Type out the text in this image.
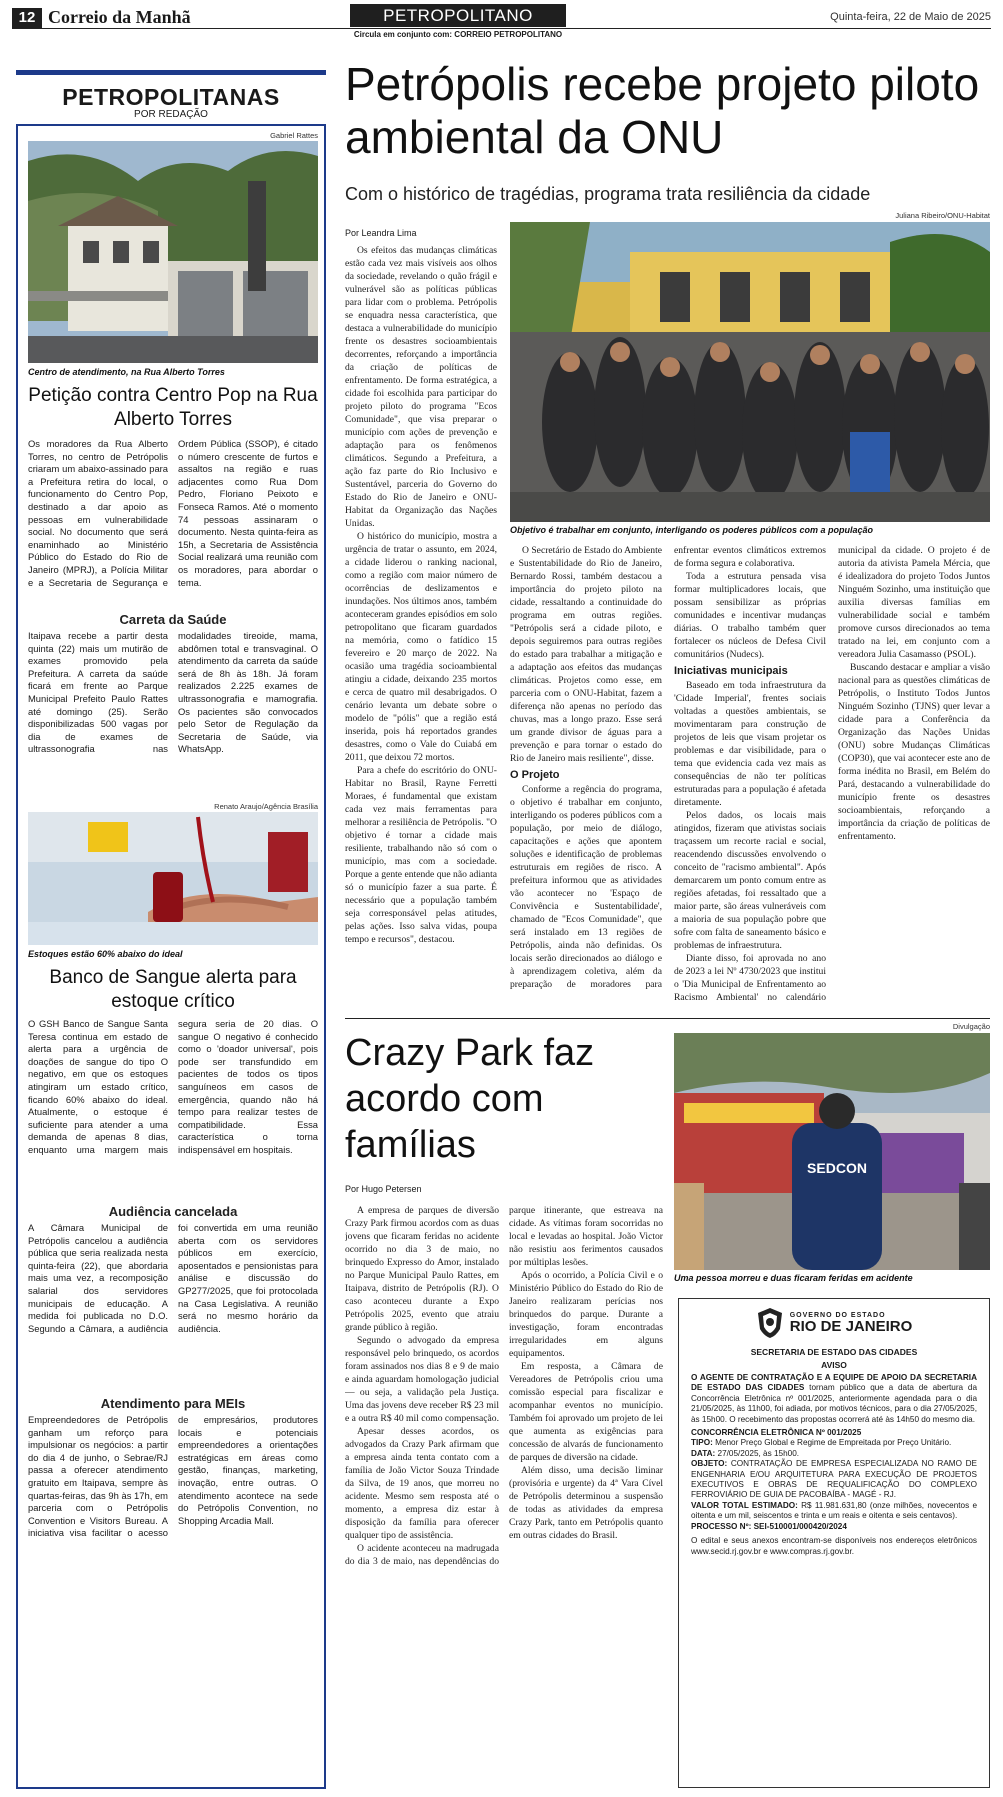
12 Correio da Manhã	PETROPOLITANO	Quinta-feira, 22 de Maio de 2025
Circula em conjunto com: CORREIO PETROPOLITANO
PETROPOLITANAS
POR REDAÇÃO
Gabriel Rattes
Centro de atendimento, na Rua Alberto Torres
Petição contra Centro Pop na Rua Alberto Torres

Os moradores da Rua Alberto Torres, no centro de Petrópolis criaram um abaixo-assinado para a Prefeitura retira do local, o funcionamento do Centro Pop, destinado a dar apoio as pessoas em vulnerabilidade social. No documento que será enaminhado ao Ministério Público do Estado do Rio de Janeiro (MPRJ), a Polícia Militar e a Secretaria de Segurança e Ordem Pública (SSOP), é citado o número crescente de furtos e assaltos na região e ruas adjacentes como Rua Dom Pedro, Floriano Peixoto e Fonseca Ramos. Até o momento 74 pessoas assinaram o documento. Nesta quinta-feira as 15h, a Secretaria de Assistência Social realizará uma reunião com os moradores, para abordar o tema.

Carreta da Saúde

Itaipava recebe a partir desta quinta (22) mais um mutirão de exames promovido pela Prefeitura. A carreta da saúde ficará em frente ao Parque Municipal Prefeito Paulo Rattes até domingo (25). Serão disponibilizadas 500 vagas por dia de exames de ultrassonografia nas modalidades tireoide, mama, abdômen total e transvaginal. O atendimento da carreta da saúde será de 8h às 18h. Já foram realizados 2.225 exames de ultrassonografia e mamografia. Os pacientes são convocados pelo Setor de Regulação da Secretaria de Saúde, via WhatsApp.

Renato Araujo/Agência Brasília
Estoques estão 60% abaixo do ideal
Banco de Sangue alerta para estoque crítico

O GSH Banco de Sangue Santa Teresa continua em estado de alerta para a urgência de doações de sangue do tipo O negativo, em que os estoques atingiram um estado crítico, ficando 60% abaixo do ideal. Atualmente, o estoque é suficiente para atender a uma demanda de apenas 8 dias, enquanto uma margem mais segura seria de 20 dias. O sangue O negativo é conhecido como o 'doador universal', pois pode ser transfundido em pacientes de todos os tipos sanguíneos em casos de emergência, quando não há tempo para realizar testes de compatibilidade. Essa característica o torna indispensável em hospitais.

Audiência cancelada

A Câmara Municipal de Petrópolis cancelou a audiência pública que seria realizada nesta quinta-feira (22), que abordaria mais uma vez, a recomposição salarial dos servidores municipais de educação. A medida foi publicada no D.O. Segundo a Câmara, a audiência foi convertida em uma reunião aberta com os servidores públicos em exercício, aposentados e pensionistas para análise e discussão do GP277/2025, que foi protocolada na Casa Legislativa. A reunião será no mesmo horário da audiência.

Atendimento para MEIs

Empreendedores de Petrópolis ganham um reforço para impulsionar os negócios: a partir do dia 4 de junho, o Sebrae/RJ passa a oferecer atendimento gratuito em Itaipava, sempre às quartas-feiras, das 9h às 17h, em parceria com o Petrópolis Convention e Visitors Bureau. A iniciativa visa facilitar o acesso de empresários, produtores locais e potenciais empreendedores a orientações estratégicas em áreas como gestão, finanças, marketing, inovação, entre outras. O atendimento acontece na sede do Petrópolis Convention, no Shopping Arcadia Mall.

Petrópolis recebe projeto piloto ambiental da ONU
Com o histórico de tragédias, programa trata resiliência da cidade
Por Leandra Lima
Juliana Ribeiro/ONU-Habitat
Objetivo é trabalhar em conjunto, interligando os poderes públicos com a população

Os efeitos das mudanças climáticas estão cada vez mais visíveis aos olhos da sociedade, revelando o quão frágil e vulnerável são as políticas públicas para lidar com o problema. Petrópolis se enquadra nessa característica, que destaca a vulnerabilidade do município frente os desastres socioambientais decorrentes, reforçando a importância da criação de políticas de enfrentamento. De forma estratégica, a cidade foi escolhida para participar do projeto piloto do programa "Ecos Comunidade", que visa preparar o município com ações de prevenção e adaptação para os fenômenos climáticos. Segundo a Prefeitura, a ação faz parte do Rio Inclusivo e Sustentável, parceria do Governo do Estado do Rio de Janeiro e ONU-Habitat da Organização das Nações Unidas.

O histórico do município, mostra a urgência de tratar o assunto, em 2024, a cidade liderou o ranking nacional, como a região com maior número de ocorrências de deslizamentos e inundações. Nos últimos anos, também aconteceram grandes episódios em solo petropolitano que ficaram guardados na memória, como o fatídico 15 fevereiro e 20 março de 2022. Na ocasião uma tragédia socioambiental atingiu a cidade, deixando 235 mortos e cerca de quatro mil desabrigados. O cenário levanta um debate sobre o modelo de "pólis" que a região está inserida, pois há reportados grandes desastres, como o Vale do Cuiabá em 2011, que deixou 72 mortos.

Para a chefe do escritório do ONU-Habitar no Brasil, Rayne Ferretti Moraes, é fundamental que existam cada vez mais ferramentas para melhorar a resiliência de Petrópolis. "O objetivo é tornar a cidade mais resiliente, trabalhando não só com o município, mas com a sociedade. Porque a gente entende que não adianta só o município fazer a sua parte. É necessário que a população também seja corresponsável pelas atitudes, pelas ações. Isso salva vidas, poupa tempo e recursos", destacou.

O Secretário de Estado do Ambiente e Sustentabilidade do Rio de Janeiro, Bernardo Rossi, também destacou a importância do projeto piloto na cidade, ressaltando a continuidade do programa em outras regiões. "Petrópolis será a cidade piloto, e depois seguiremos para outras regiões do estado para trabalhar a mitigação e a adaptação aos efeitos das mudanças climáticas. Projetos como esse, em parceria com o ONU-Habitat, fazem a diferença não apenas no período das chuvas, mas a longo prazo. Esse será um grande divisor de águas para a prevenção e para tornar o estado do Rio de Janeiro mais resiliente", disse.

O Projeto

Conforme a regência do programa, o objetivo é trabalhar em conjunto, interligando os poderes públicos com a população, por meio de diálogo, capacitações e ações que apontem soluções e identificação de problemas estruturais em regiões de risco. A prefeitura informou que as atividades vão acontecer no 'Espaço de Convivência e Sustentabilidade', chamado de "Ecos Comunidade", que será instalado em 13 regiões de Petrópolis, ainda não definidas. Os locais serão direcionados ao diálogo e à aprendizagem coletiva, além da preparação de moradores para enfrentar eventos climáticos extremos de forma segura e colaborativa.

Toda a estrutura pensada visa formar multiplicadores locais, que possam sensibilizar as próprias comunidades e incentivar mudanças diárias. O trabalho também quer fortalecer os núcleos de Defesa Civil comunitários (Nudecs).

Iniciativas municipais

Baseado em toda infraestrutura da 'Cidade Imperial', frentes sociais voltadas a questões ambientais, se movimentaram para construção de projetos de leis que visam projetar os problemas e dar visibilidade, para o tema que evidencia cada vez mais as consequências de não ter políticas estruturadas para a população é afetada diretamente.

Pelos dados, os locais mais atingidos, fizeram que ativistas sociais traçassem um recorte racial e social, reacendendo discussões envolvendo o conceito de "racismo ambiental". Após demarcarem um ponto comum entre as regiões afetadas, foi ressaltado que a maior parte, são áreas vulneráveis com a maioria de sua população pobre que sofre com falta de saneamento básico e problemas de infraestrutura.

Diante disso, foi aprovada no ano de 2023 a lei Nº 4730/2023 que institui o 'Dia Municipal de Enfrentamento ao Racismo Ambiental' no calendário municipal da cidade. O projeto é de autoria da ativista Pamela Mércia, que é idealizadora do projeto Todos Juntos Ninguém Sozinho, uma instituição que auxilia diversas famílias em vulnerabilidade social e também promove cursos direcionados ao tema tratado na lei, em conjunto com a vereadora Julia Casamasso (PSOL).

Buscando destacar e ampliar a visão nacional para as questões climáticas de Petrópolis, o Instituto Todos Juntos Ninguém Sozinho (TJNS) quer levar a cidade para a Conferência da Organização das Nações Unidas (ONU) sobre Mudanças Climáticas (COP30), que vai acontecer este ano de forma inédita no Brasil, em Belém do Pará, destacando a vulnerabilidade do município frente os desastres socioambientais, reforçando a importância da criação de políticas de enfrentamento.

Crazy Park faz acordo com famílias
Por Hugo Petersen
Divulgação
SEDCON
Uma pessoa morreu e duas ficaram feridas em acidente

A empresa de parques de diversão Crazy Park firmou acordos com as duas jovens que ficaram feridas no acidente ocorrido no dia 3 de maio, no brinquedo Expresso do Amor, instalado no Parque Municipal Paulo Rattes, em Itaipava, distrito de Petrópolis (RJ). O caso aconteceu durante a Expo Petrópolis 2025, evento que atraiu grande público à região.

Segundo o advogado da empresa responsável pelo brinquedo, os acordos foram assinados nos dias 8 e 9 de maio e ainda aguardam homologação judicial — ou seja, a validação pela Justiça. Uma das jovens deve receber R$ 23 mil e a outra R$ 40 mil como compensação.

Apesar desses acordos, os advogados da Crazy Park afirmam que a empresa ainda tenta contato com a família de João Victor Souza Trindade da Silva, de 19 anos, que morreu no acidente. Mesmo sem resposta até o momento, a empresa diz estar à disposição da família para oferecer qualquer tipo de assistência.

O acidente aconteceu na madrugada do dia 3 de maio, nas dependências do parque itinerante, que estreava na cidade. As vítimas foram socorridas no local e levadas ao hospital. João Victor não resistiu aos ferimentos causados por múltiplas lesões.

Após o ocorrido, a Polícia Civil e o Ministério Público do Estado do Rio de Janeiro realizaram perícias nos brinquedos do parque. Durante a investigação, foram encontradas irregularidades em alguns equipamentos.

Em resposta, a Câmara de Vereadores de Petrópolis criou uma comissão especial para fiscalizar e acompanhar eventos no município. Também foi aprovado um projeto de lei que aumenta as exigências para concessão de alvarás de funcionamento de parques de diversão na cidade.

Além disso, uma decisão liminar (provisória e urgente) da 4ª Vara Cível de Petrópolis determinou a suspensão de todas as atividades da empresa Crazy Park, tanto em Petrópolis quanto em outras cidades do Brasil.

GOVERNO DO ESTADO
RIO DE JANEIRO
SECRETARIA DE ESTADO DAS CIDADES
AVISO

O AGENTE DE CONTRATAÇÃO E A EQUIPE DE APOIO DA SECRETARIA DE ESTADO DAS CIDADES tornam público que a data de abertura da Concorrência Eletrônica nº 001/2025, anteriormente agendada para o dia 21/05/2025, às 11h00, foi adiada, por motivos técnicos, para o dia 27/05/2025, às 15h00. O recebimento das propostas ocorrerá até às 14h50 do mesmo dia.

CONCORRÊNCIA ELETRÔNICA Nº 001/2025

TIPO: Menor Preço Global e Regime de Empreitada por Preço Unitário.

DATA: 27/05/2025, às 15h00.

OBJETO: CONTRATAÇÃO DE EMPRESA ESPECIALIZADA NO RAMO DE ENGENHARIA E/OU ARQUITETURA PARA EXECUÇÃO DE PROJETOS EXECUTIVOS E OBRAS DE REQUALIFICAÇÃO DO COMPLEXO FERROVIÁRIO DE GUIA DE PACOBAÍBA - MAGÉ - RJ.

VALOR TOTAL ESTIMADO: R$ 11.981.631,80 (onze milhões, novecentos e oitenta e um mil, seiscentos e trinta e um reais e oitenta e seis centavos).

PROCESSO Nº: SEI-510001/000420/2024

O edital e seus anexos encontram-se disponíveis nos endereços eletrônicos www.secid.rj.gov.br e www.compras.rj.gov.br.
